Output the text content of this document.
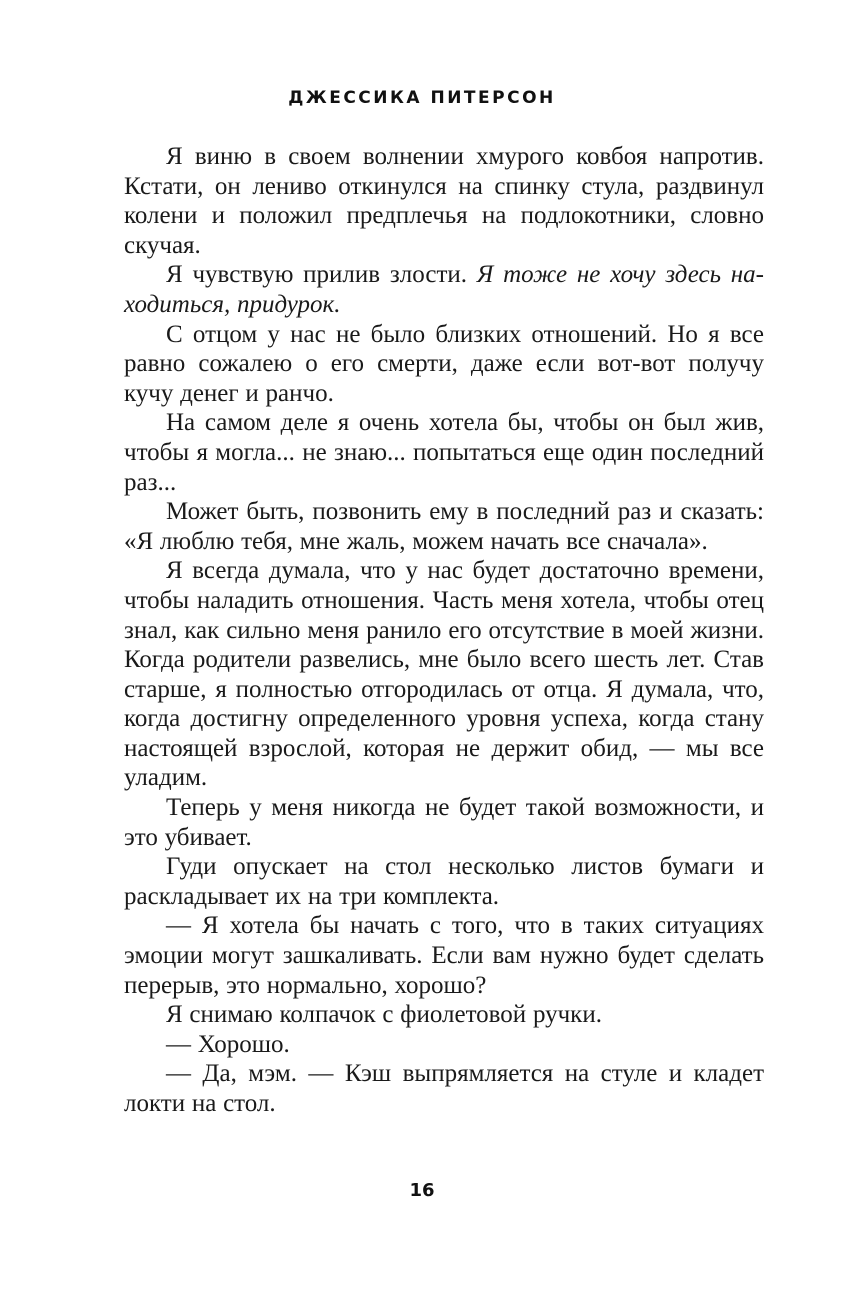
ДЖЕССИКА ПИТЕРСОН

Я виню в своем волнении хмурого ковбоя напротив. Кстати, он лениво откинулся на спинку стула, раздвинул колени и положил предплечья на подлокотники, словно скучая.

Я чувствую прилив злости. Я тоже не хочу здесь находиться, придурок.

С отцом у нас не было близких отношений. Но я все равно сожалею о его смерти, даже если вот-вот получу кучу денег и ранчо.

На самом деле я очень хотела бы, чтобы он был жив, чтобы я могла... не знаю... попытаться еще один последний раз...

Может быть, позвонить ему в последний раз и сказать: «Я люблю тебя, мне жаль, можем начать все сначала».

Я всегда думала, что у нас будет достаточно времени, чтобы наладить отношения. Часть меня хотела, чтобы отец знал, как сильно меня ранило его отсутствие в моей жизни. Когда родители развелись, мне было всего шесть лет. Став старше, я полностью отгородилась от отца. Я думала, что, когда достигну определенного уровня успеха, когда стану настоящей взрослой, которая не держит обид, — мы все уладим.

Теперь у меня никогда не будет такой возможности, и это убивает.

Гуди опускает на стол несколько листов бумаги и раскладывает их на три комплекта.

— Я хотела бы начать с того, что в таких ситуациях эмоции могут зашкаливать. Если вам нужно будет сделать перерыв, это нормально, хорошо?

Я снимаю колпачок с фиолетовой ручки.

— Хорошо.

— Да, мэм. — Кэш выпрямляется на стуле и кладет локти на стол.

16
